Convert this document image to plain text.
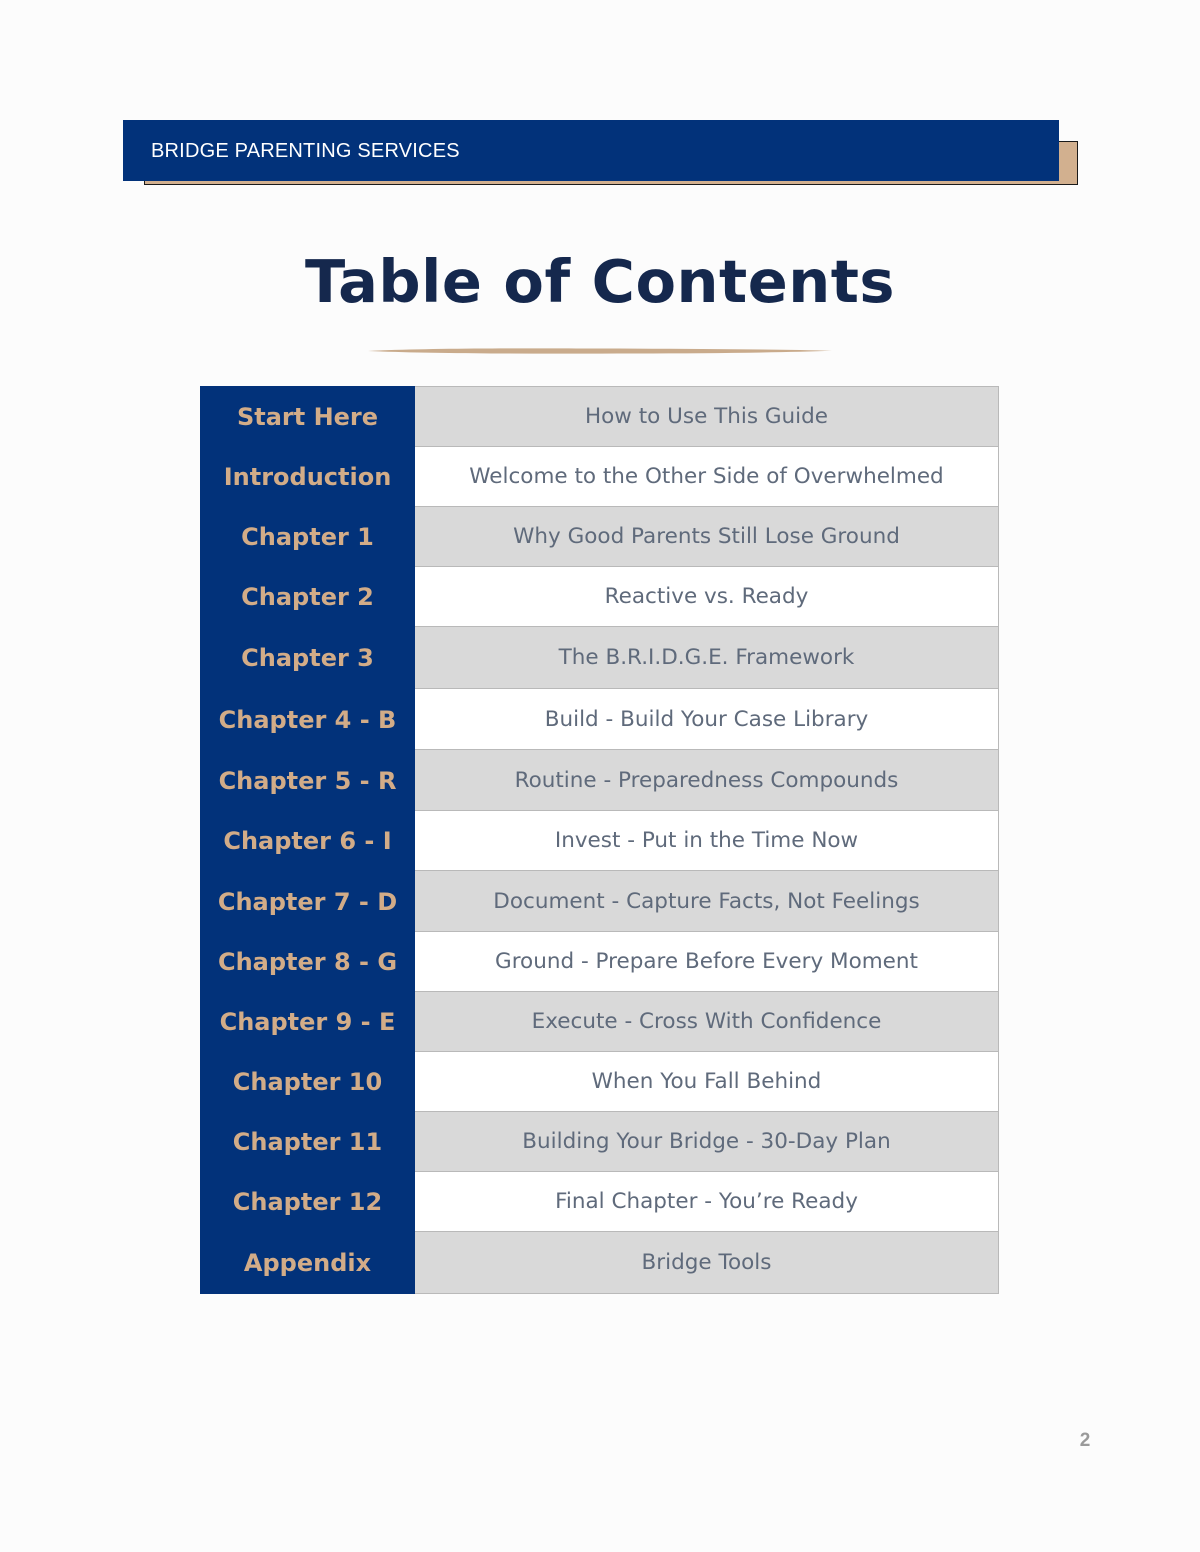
BRIDGE PARENTING SERVICES
Table of Contents
Start Here	How to Use This Guide
Introduction	Welcome to the Other Side of Overwhelmed
Chapter 1	Why Good Parents Still Lose Ground
Chapter 2	Reactive vs. Ready
Chapter 3	The B.R.I.D.G.E. Framework
Chapter 4 - B	Build - Build Your Case Library
Chapter 5 - R	Routine - Preparedness Compounds
Chapter 6 - I	Invest - Put in the Time Now
Chapter 7 - D	Document - Capture Facts, Not Feelings
Chapter 8 - G	Ground - Prepare Before Every Moment
Chapter 9 - E	Execute - Cross With Confidence
Chapter 10	When You Fall Behind
Chapter 11	Building Your Bridge - 30-Day Plan
Chapter 12	Final Chapter - You’re Ready
Appendix	Bridge Tools
2
